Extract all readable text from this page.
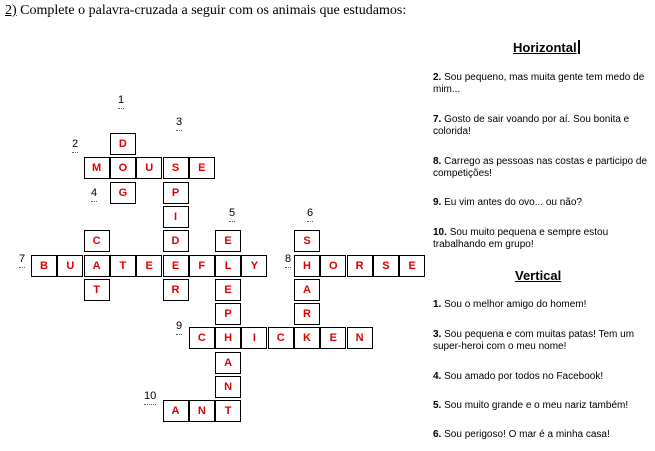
2) Complete o palavra-cruzada a seguir com os animais que estudamos:
D
O
G
M	U	S	E
P
I
D
E
R
C
A
T
E
L
E
P
H
A
N
T
S
H
A
R
K
B	U	T	E	F	Y	O	R	S	E
C	I	C	E	N
A	N
1
2
3
4
5	6
7	8
9
10
Horizontal
2. Sou pequeno, mas muita gente tem medo de mim...
7. Gosto de sair voando por aí. Sou bonita e colorida!
8. Carrego as pessoas nas costas e participo de competições!
9. Eu vim antes do ovo... ou não?
10. Sou muito pequena e sempre estou trabalhando em grupo!
Vertical
1. Sou o melhor amigo do homem!
3. Sou pequena e com muitas patas! Tem um super-heroi com o meu nome!
4. Sou amado por todos no Facebook!
5. Sou muito grande e o meu nariz também!
6. Sou perigoso! O mar é a minha casa!
